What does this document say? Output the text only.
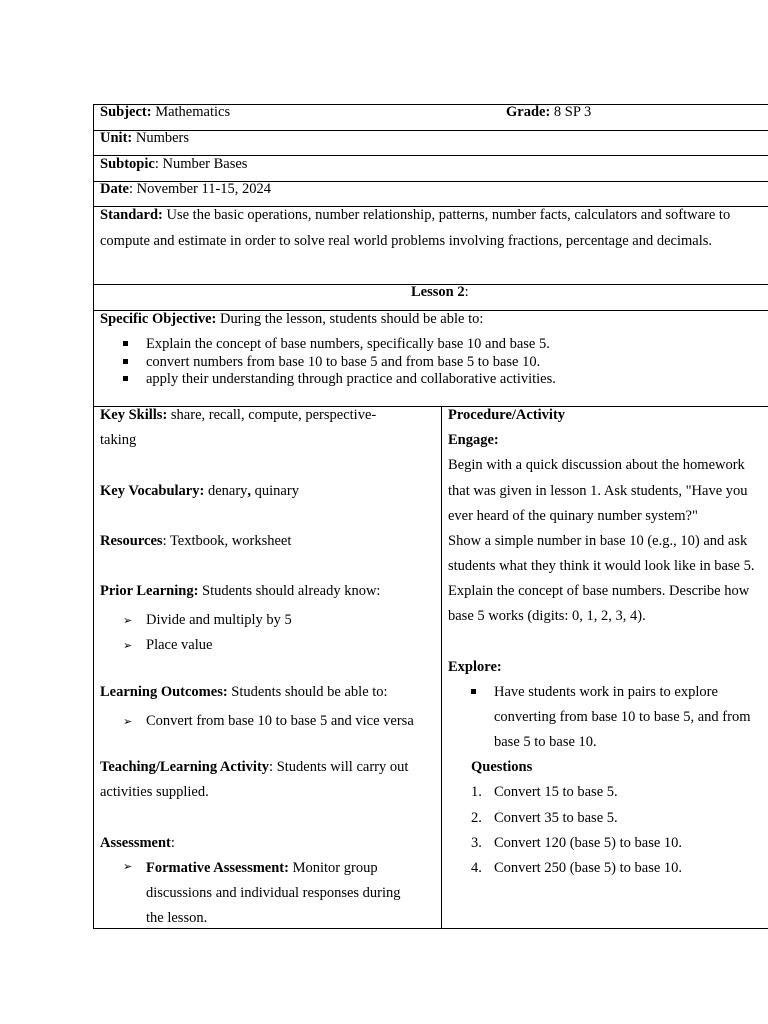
Subject: Mathematics	Grade: 8 SP 3
Unit: Numbers
Subtopic: Number Bases
Date: November 11-15, 2024
Standard: Use the basic operations, number relationship, patterns, number facts, calculators and software to
compute and estimate in order to solve real world problems involving fractions, percentage and decimals.
Lesson 2:
Specific Objective: During the lesson, students should be able to:
Explain the concept of base numbers, specifically base 10 and base 5.
convert numbers from base 10 to base 5 and from base 5 to base 10.
apply their understanding through practice and collaborative activities.
Key Skills: share, recall, compute, perspective-
taking
Key Vocabulary: denary, quinary
Resources: Textbook, worksheet
Prior Learning: Students should already know:
➢ Divide and multiply by 5
➢ Place value
Learning Outcomes: Students should be able to:
➢ Convert from base 10 to base 5 and vice versa
Teaching/Learning Activity: Students will carry out
activities supplied.
Assessment:
➢ Formative Assessment: Monitor group
discussions and individual responses during
the lesson.
Procedure/Activity
Engage:
Begin with a quick discussion about the homework
that was given in lesson 1. Ask students, "Have you
ever heard of the quinary number system?"
Show a simple number in base 10 (e.g., 10) and ask
students what they think it would look like in base 5.
Explain the concept of base numbers. Describe how
base 5 works (digits: 0, 1, 2, 3, 4).
Explore:
Have students work in pairs to explore
converting from base 10 to base 5, and from
base 5 to base 10.
Questions
1. Convert 15 to base 5.
2. Convert 35 to base 5.
3. Convert 120 (base 5) to base 10.
4. Convert 250 (base 5) to base 10.
